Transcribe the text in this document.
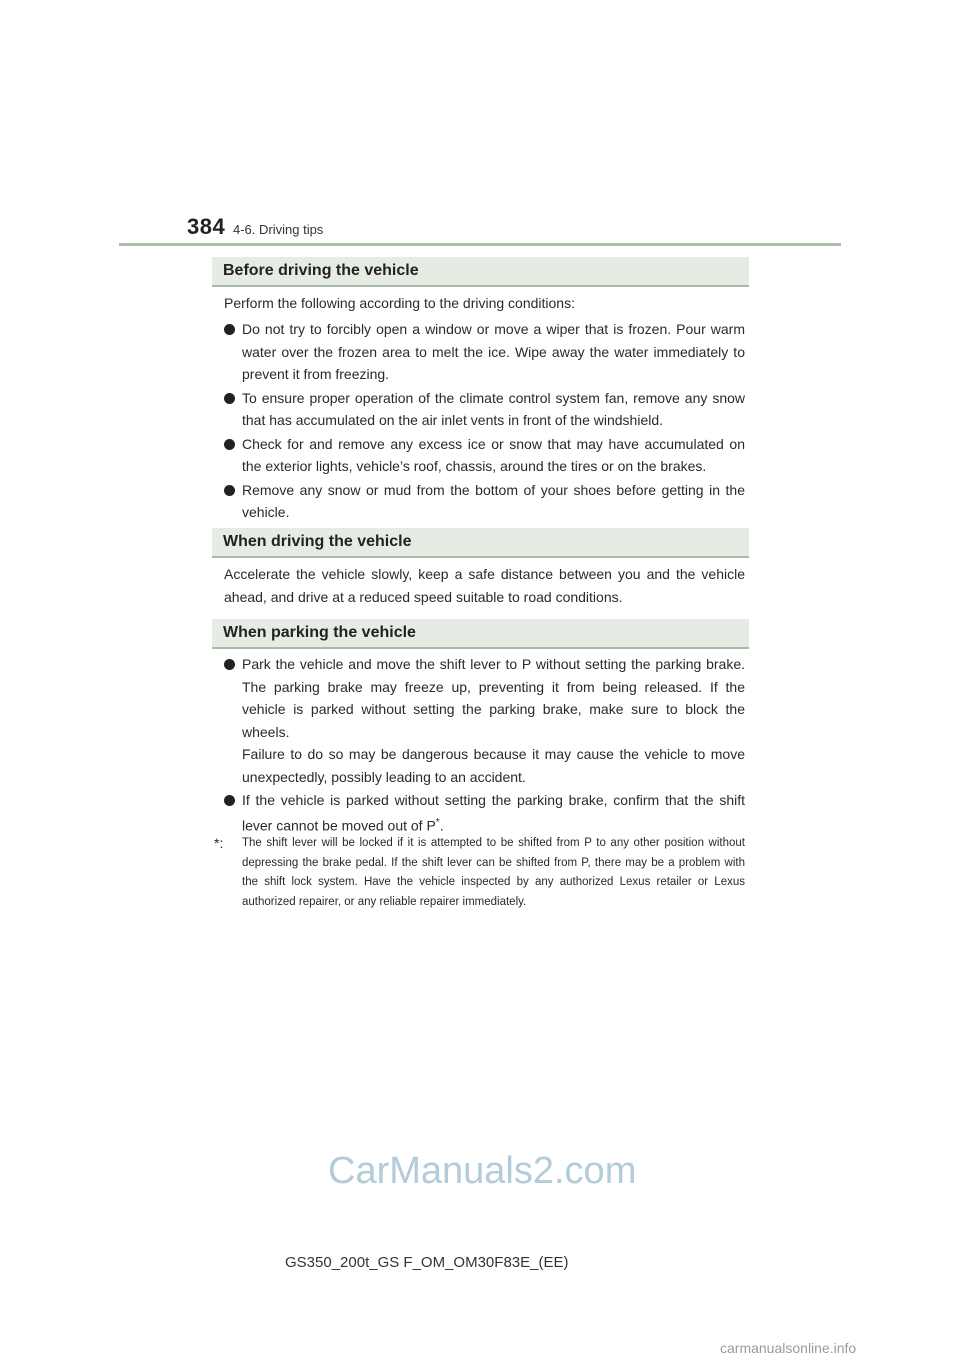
384 4-6. Driving tips
Before driving the vehicle

Perform the following according to the driving conditions:

Do not try to forcibly open a window or move a wiper that is frozen. Pour warm water over the frozen area to melt the ice. Wipe away the water immediately to prevent it from freezing.
To ensure proper operation of the climate control system fan, remove any snow that has accumulated on the air inlet vents in front of the windshield.
Check for and remove any excess ice or snow that may have accumulated on the exterior lights, vehicle’s roof, chassis, around the tires or on the brakes.
Remove any snow or mud from the bottom of your shoes before getting in the vehicle.
When driving the vehicle

Accelerate the vehicle slowly, keep a safe distance between you and the vehicle ahead, and drive at a reduced speed suitable to road conditions.

When parking the vehicle
Park the vehicle and move the shift lever to P without setting the parking brake. The parking brake may freeze up, preventing it from being released. If the vehicle is parked without setting the parking brake, make sure to block the wheels.
Failure to do so may be dangerous because it may cause the vehicle to move unexpectedly, possibly leading to an accident.
If the vehicle is parked without setting the parking brake, confirm that the shift lever cannot be moved out of P*.
*:	The shift lever will be locked if it is attempted to be shifted from P to any other position without depressing the brake pedal. If the shift lever can be shifted from P, there may be a problem with the shift lock system. Have the vehicle inspected by any authorized Lexus retailer or Lexus authorized repairer, or any reliable repairer immediately.
CarManuals2.com
GS350_200t_GS F_OM_OM30F83E_(EE)
carmanualsonline.info
